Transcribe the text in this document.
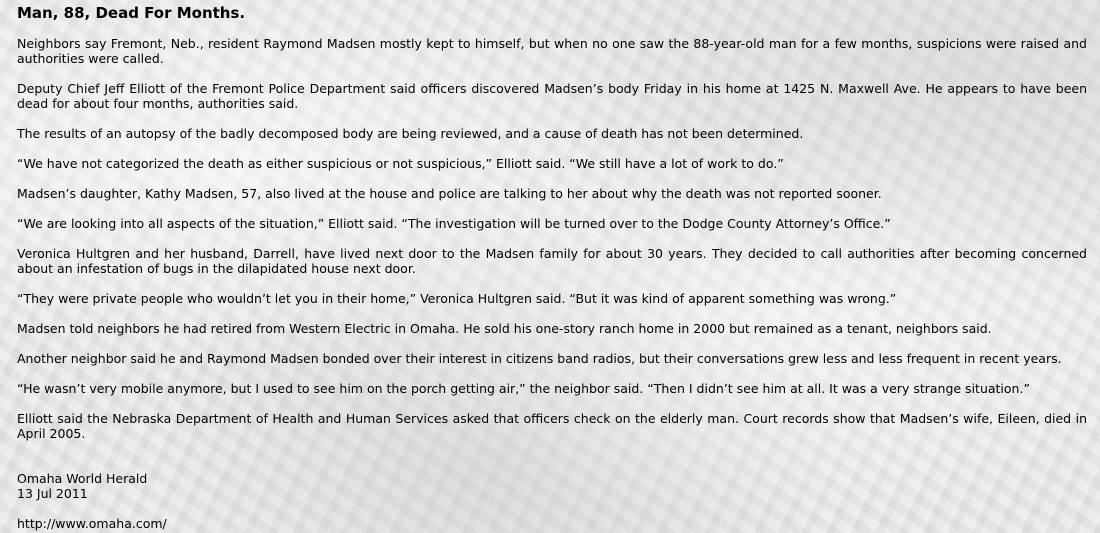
Man, 88, Dead For Months.

Neighbors say Fremont, Neb., resident Raymond Madsen mostly kept to himself, but when no one saw the 88-year-old man for a few months, suspicions were raised and authorities were called.

Deputy Chief Jeff Elliott of the Fremont Police Department said officers discovered Madsen’s body Friday in his home at 1425 N. Maxwell Ave. He appears to have been dead for about four months, authorities said.

The results of an autopsy of the badly decomposed body are being reviewed, and a cause of death has not been determined.

“We have not categorized the death as either suspicious or not suspicious,” Elliott said. “We still have a lot of work to do.”

Madsen’s daughter, Kathy Madsen, 57, also lived at the house and police are talking to her about why the death was not reported sooner.

“We are looking into all aspects of the situation,” Elliott said. “The investigation will be turned over to the Dodge County Attorney’s Office.”

Veronica Hultgren and her husband, Darrell, have lived next door to the Madsen family for about 30 years. They decided to call authorities after becoming concerned about an infestation of bugs in the dilapidated house next door.

“They were private people who wouldn’t let you in their home,” Veronica Hultgren said. “But it was kind of apparent something was wrong.”

Madsen told neighbors he had retired from Western Electric in Omaha. He sold his one-story ranch home in 2000 but remained as a tenant, neighbors said.

Another neighbor said he and Raymond Madsen bonded over their interest in citizens band radios, but their conversations grew less and less frequent in recent years.

“He wasn’t very mobile anymore, but I used to see him on the porch getting air,” the neighbor said. “Then I didn’t see him at all. It was a very strange situation.”

Elliott said the Nebraska Department of Health and Human Services asked that officers check on the elderly man. Court records show that Madsen’s wife, Eileen, died in April 2005.

Omaha World Herald
13 Jul 2011
http://www.omaha.com/
